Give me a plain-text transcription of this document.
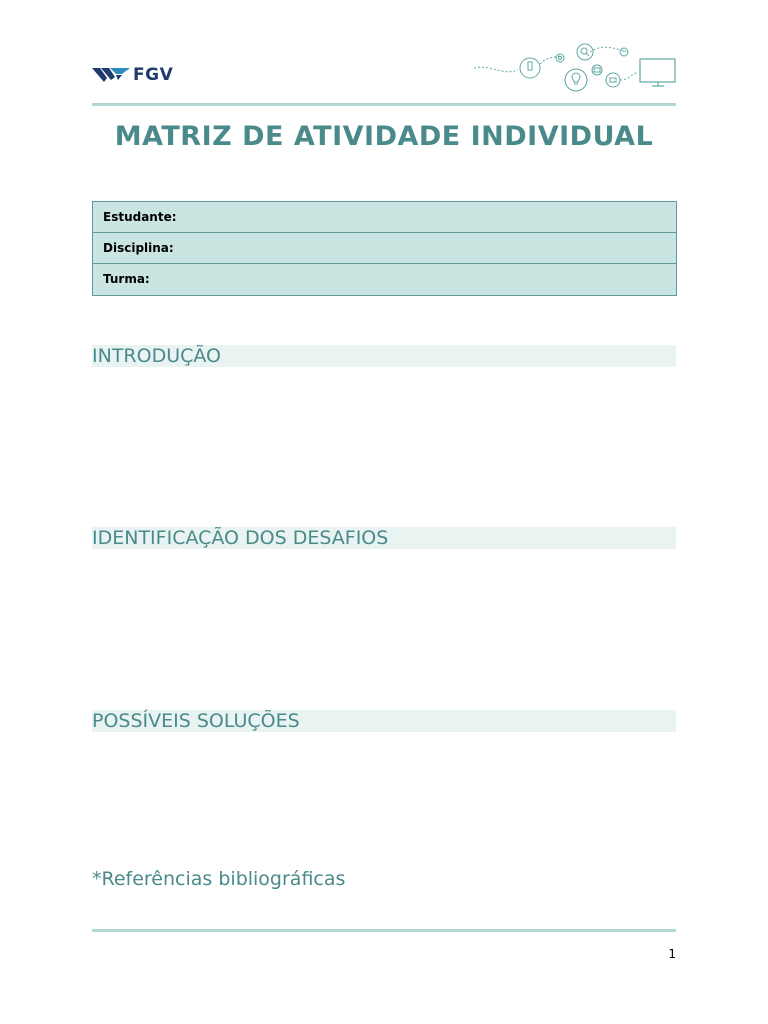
FGV
MATRIZ DE ATIVIDADE INDIVIDUAL
Estudante:
Disciplina:
Turma:
INTRODUÇÃO
IDENTIFICAÇÃO DOS DESAFIOS
POSSÍVEIS SOLUÇÕES
*Referências bibliográficas
1
